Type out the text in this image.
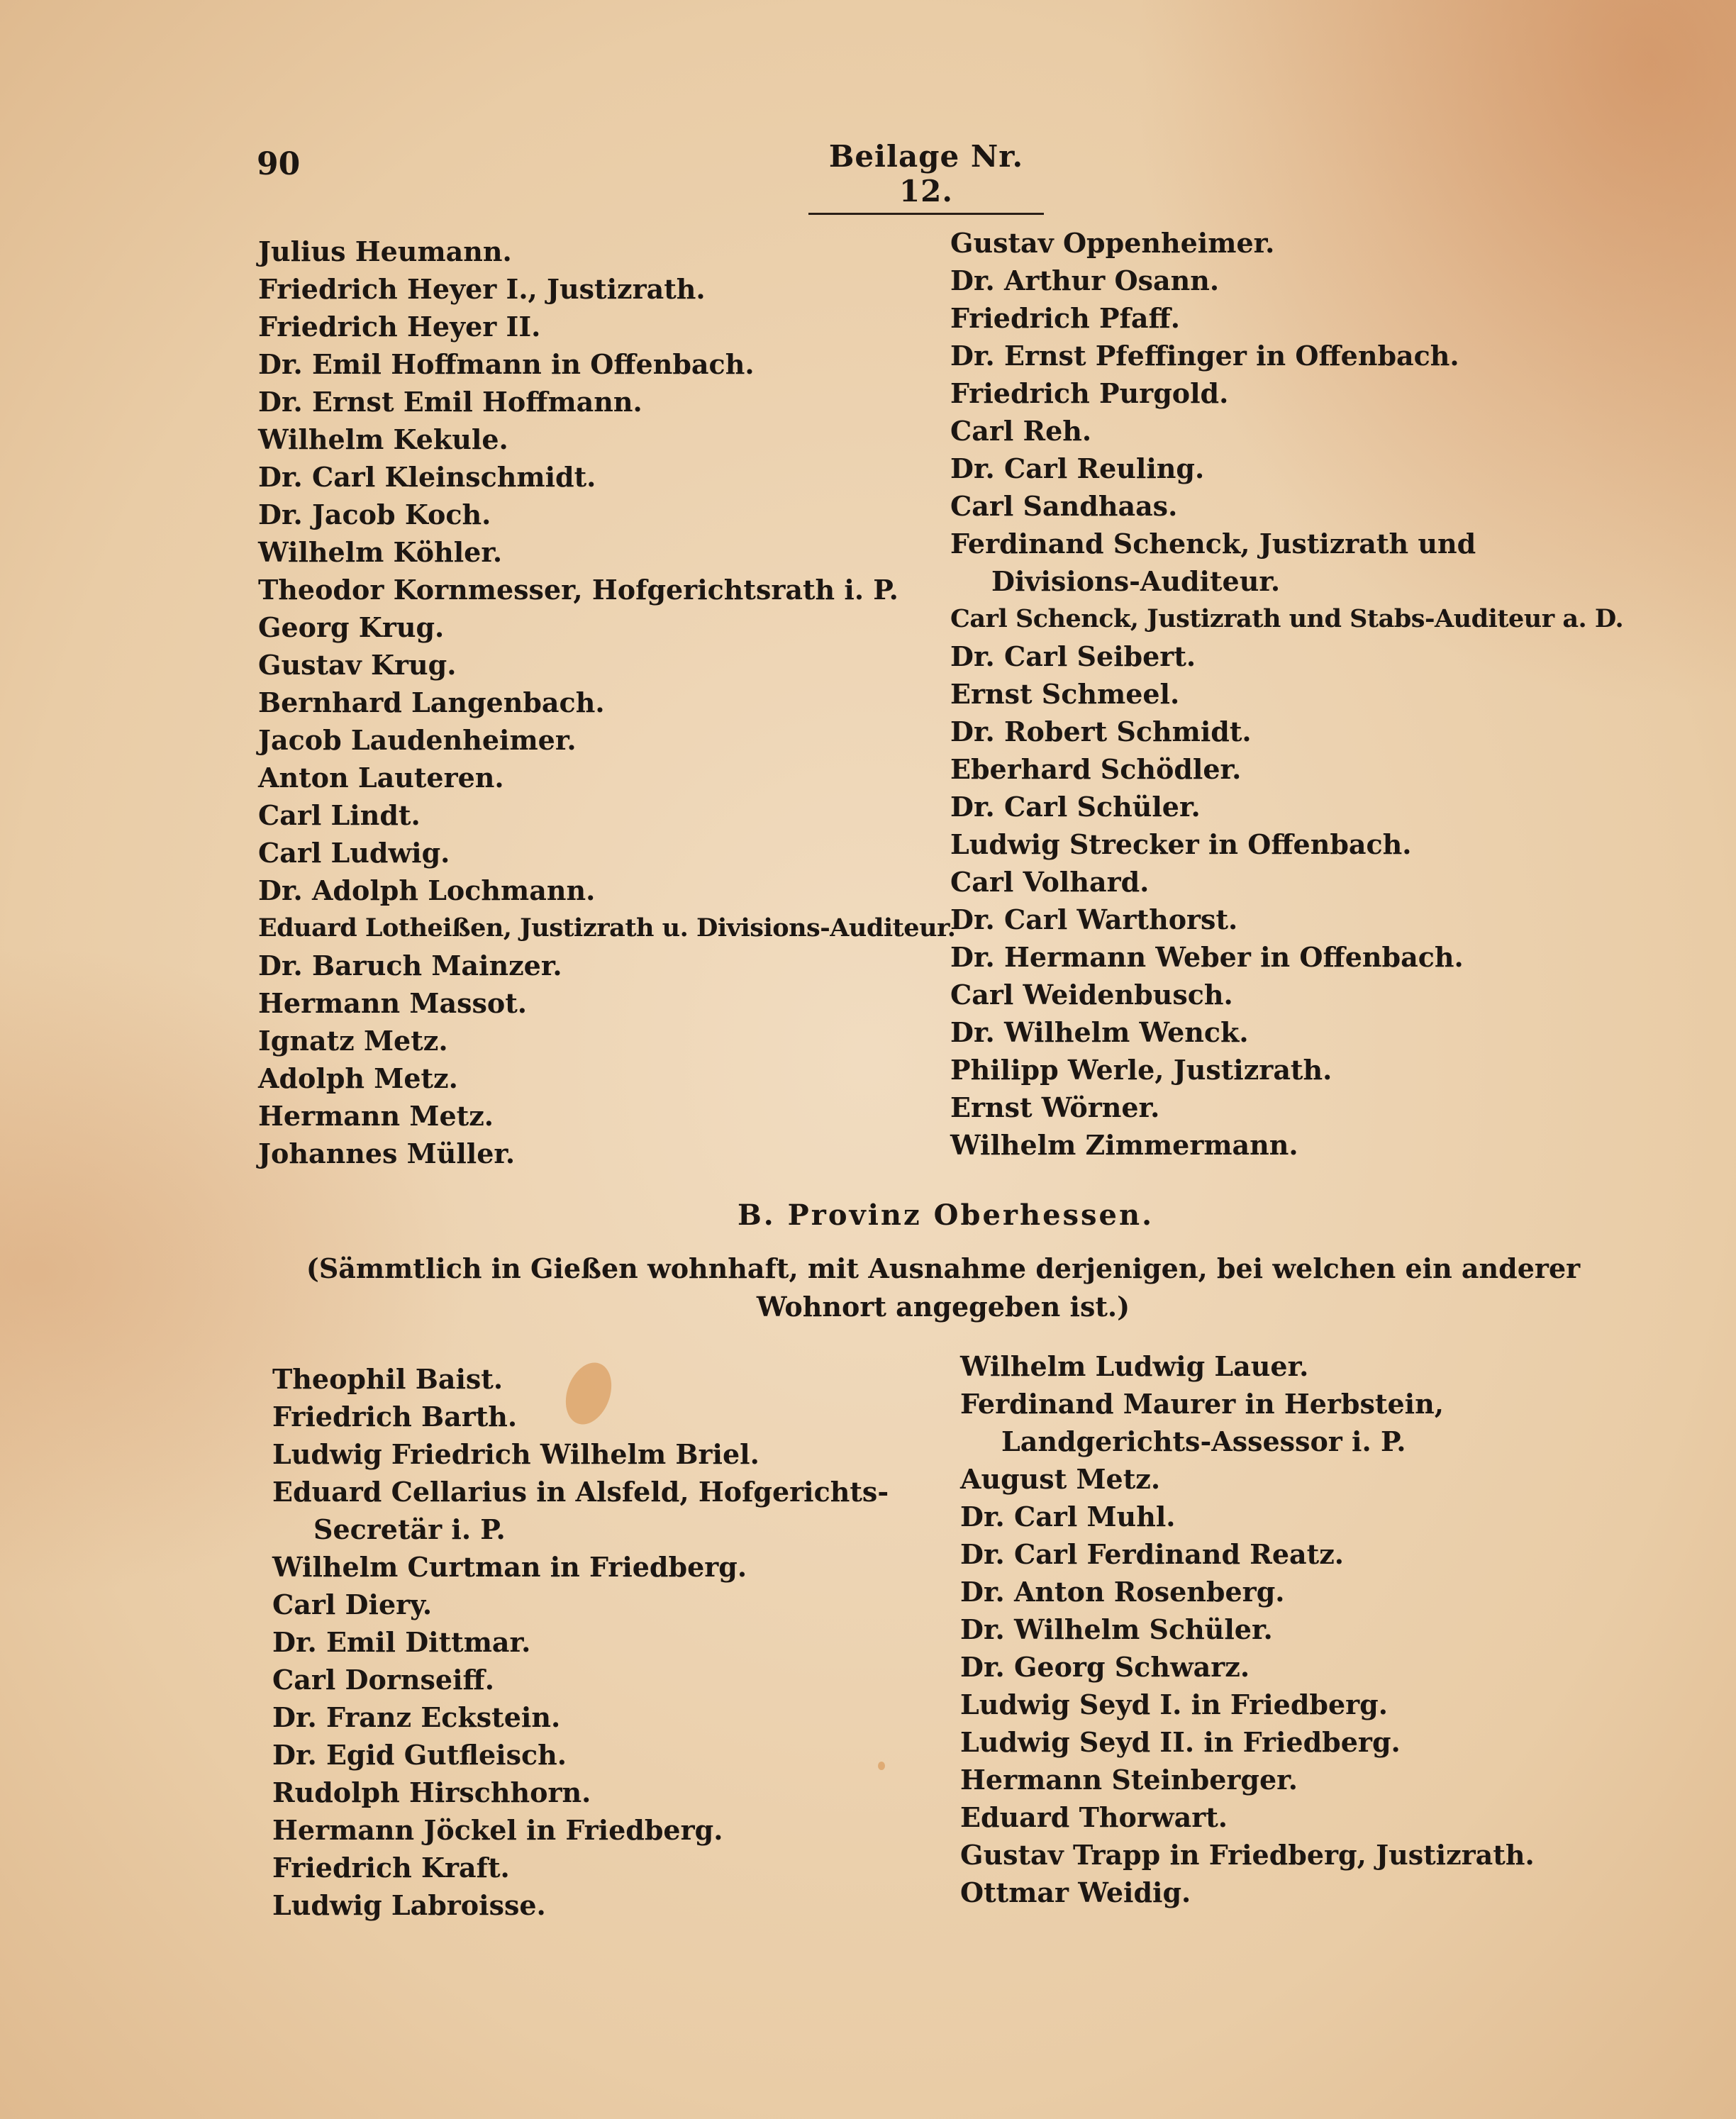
90	Beilage Nr. 12.
Julius Heumann.
Friedrich Heyer I., Justizrath.
Friedrich Heyer II.
Dr. Emil Hoffmann in Offenbach.
Dr. Ernst Emil Hoffmann.
Wilhelm Kekule.
Dr. Carl Kleinschmidt.
Dr. Jacob Koch.
Wilhelm Köhler.
Theodor Kornmesser, Hofgerichtsrath i. P.
Georg Krug.
Gustav Krug.
Bernhard Langenbach.
Jacob Laudenheimer.
Anton Lauteren.
Carl Lindt.
Carl Ludwig.
Dr. Adolph Lochmann.
Eduard Lotheißen, Justizrath u. Divisions-Auditeur.
Dr. Baruch Mainzer.
Hermann Massot.
Ignatz Metz.
Adolph Metz.
Hermann Metz.
Johannes Müller.
Gustav Oppenheimer.
Dr. Arthur Osann.
Friedrich Pfaff.
Dr. Ernst Pfeffinger in Offenbach.
Friedrich Purgold.
Carl Reh.
Dr. Carl Reuling.
Carl Sandhaas.
Ferdinand Schenck, Justizrath und Divisions-Auditeur.
Carl Schenck, Justizrath und Stabs-Auditeur a. D.
Dr. Carl Seibert.
Ernst Schmeel.
Dr. Robert Schmidt.
Eberhard Schödler.
Dr. Carl Schüler.
Ludwig Strecker in Offenbach.
Carl Volhard.
Dr. Carl Warthorst.
Dr. Hermann Weber in Offenbach.
Carl Weidenbusch.
Dr. Wilhelm Wenck.
Philipp Werle, Justizrath.
Ernst Wörner.
Wilhelm Zimmermann.
B. Provinz Oberhessen.
(Sämmtlich in Gießen wohnhaft, mit Ausnahme derjenigen, bei welchen ein anderer Wohnort angegeben ist.)
Theophil Baist.
Friedrich Barth.
Ludwig Friedrich Wilhelm Briel.
Eduard Cellarius in Alsfeld, Hofgerichts-Secretär i. P.
Wilhelm Curtman in Friedberg.
Carl Diery.
Dr. Emil Dittmar.
Carl Dornseiff.
Dr. Franz Eckstein.
Dr. Egid Gutfleisch.
Rudolph Hirschhorn.
Hermann Jöckel in Friedberg.
Friedrich Kraft.
Ludwig Labroisse.
Wilhelm Ludwig Lauer.
Ferdinand Maurer in Herbstein, Landgerichts-Assessor i. P.
August Metz.
Dr. Carl Muhl.
Dr. Carl Ferdinand Reatz.
Dr. Anton Rosenberg.
Dr. Wilhelm Schüler.
Dr. Georg Schwarz.
Ludwig Seyd I. in Friedberg.
Ludwig Seyd II. in Friedberg.
Hermann Steinberger.
Eduard Thorwart.
Gustav Trapp in Friedberg, Justizrath.
Ottmar Weidig.
